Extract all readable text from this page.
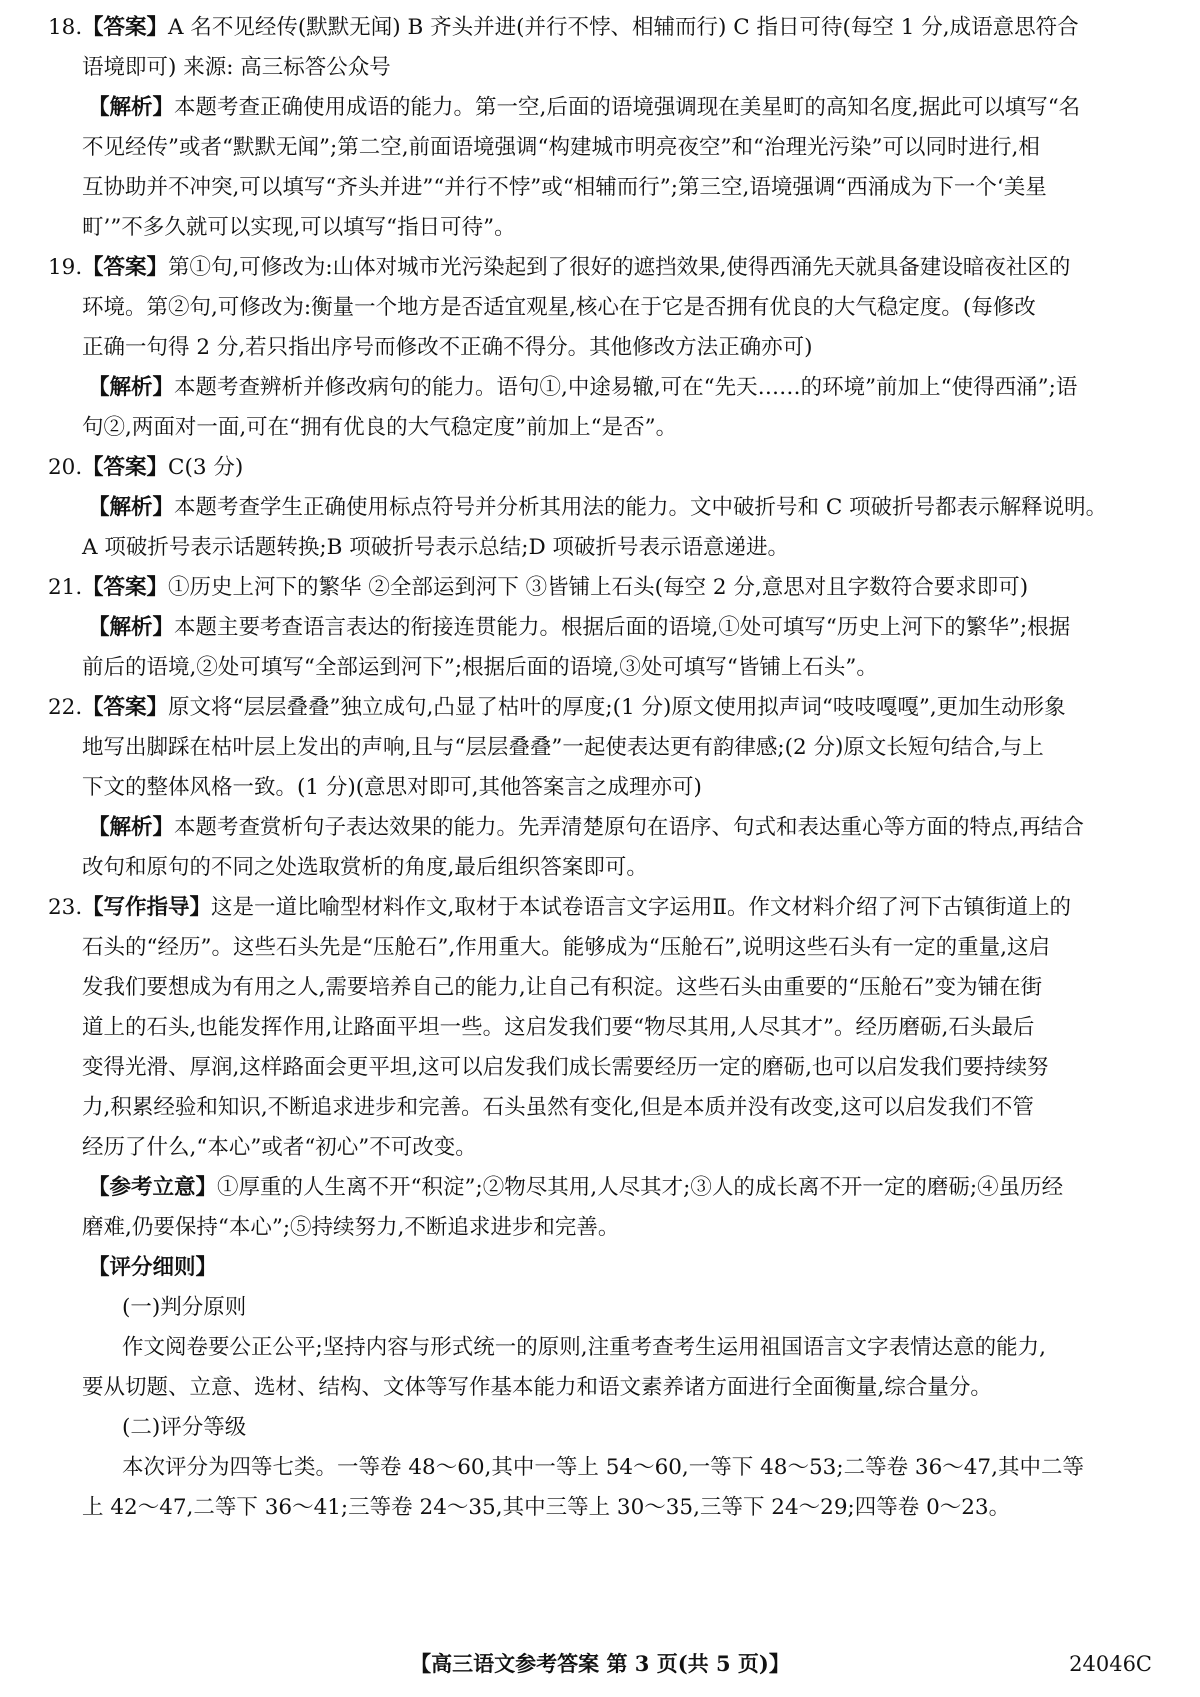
18. 【答案】A 名不见经传(默默无闻) B 齐头并进(并行不悖、相辅而行) C 指日可待(每空 1 分,成语意思符合
语境即可) 来源: 高三标答公众号
【解析】本题考查正确使用成语的能力。第一空,后面的语境强调现在美星町的高知名度,据此可以填写“名
不见经传”或者“默默无闻”;第二空,前面语境强调“构建城市明亮夜空”和“治理光污染”可以同时进行,相
互协助并不冲突,可以填写“齐头并进”“并行不悖”或“相辅而行”;第三空,语境强调“西涌成为下一个‘美星
町’”不多久就可以实现,可以填写“指日可待”。
19. 【答案】第①句,可修改为:山体对城市光污染起到了很好的遮挡效果,使得西涌先天就具备建设暗夜社区的
环境。第②句,可修改为:衡量一个地方是否适宜观星,核心在于它是否拥有优良的大气稳定度。(每修改
正确一句得 2 分,若只指出序号而修改不正确不得分。其他修改方法正确亦可)
【解析】本题考查辨析并修改病句的能力。语句①,中途易辙,可在“先天……的环境”前加上“使得西涌”;语
句②,两面对一面,可在“拥有优良的大气稳定度”前加上“是否”。
20. 【答案】C(3 分)
【解析】本题考查学生正确使用标点符号并分析其用法的能力。文中破折号和 C 项破折号都表示解释说明。
A 项破折号表示话题转换;B 项破折号表示总结;D 项破折号表示语意递进。
21. 【答案】①历史上河下的繁华 ②全部运到河下 ③皆铺上石头(每空 2 分,意思对且字数符合要求即可)
【解析】本题主要考查语言表达的衔接连贯能力。根据后面的语境,①处可填写“历史上河下的繁华”;根据
前后的语境,②处可填写“全部运到河下”;根据后面的语境,③处可填写“皆铺上石头”。
22. 【答案】原文将“层层叠叠”独立成句,凸显了枯叶的厚度;(1 分)原文使用拟声词“吱吱嘎嘎”,更加生动形象
地写出脚踩在枯叶层上发出的声响,且与“层层叠叠”一起使表达更有韵律感;(2 分)原文长短句结合,与上
下文的整体风格一致。(1 分)(意思对即可,其他答案言之成理亦可)
【解析】本题考查赏析句子表达效果的能力。先弄清楚原句在语序、句式和表达重心等方面的特点,再结合
改句和原句的不同之处选取赏析的角度,最后组织答案即可。
23. 【写作指导】这是一道比喻型材料作文,取材于本试卷语言文字运用Ⅱ。作文材料介绍了河下古镇街道上的
石头的“经历”。这些石头先是“压舱石”,作用重大。能够成为“压舱石”,说明这些石头有一定的重量,这启
发我们要想成为有用之人,需要培养自己的能力,让自己有积淀。这些石头由重要的“压舱石”变为铺在街
道上的石头,也能发挥作用,让路面平坦一些。这启发我们要“物尽其用,人尽其才”。经历磨砺,石头最后
变得光滑、厚润,这样路面会更平坦,这可以启发我们成长需要经历一定的磨砺,也可以启发我们要持续努
力,积累经验和知识,不断追求进步和完善。石头虽然有变化,但是本质并没有改变,这可以启发我们不管
经历了什么,“本心”或者“初心”不可改变。
【参考立意】①厚重的人生离不开“积淀”;②物尽其用,人尽其才;③人的成长离不开一定的磨砺;④虽历经
磨难,仍要保持“本心”;⑤持续努力,不断追求进步和完善。
【评分细则】
(一)判分原则
作文阅卷要公正公平;坚持内容与形式统一的原则,注重考查考生运用祖国语言文字表情达意的能力,
要从切题、立意、选材、结构、文体等写作基本能力和语文素养诸方面进行全面衡量,综合量分。
(二)评分等级
本次评分为四等七类。一等卷 48～60,其中一等上 54～60,一等下 48～53;二等卷 36～47,其中二等
上 42～47,二等下 36～41;三等卷 24～35,其中三等上 30～35,三等下 24～29;四等卷 0～23。
【高三语文参考答案 第 3 页(共 5 页)】	24046C
